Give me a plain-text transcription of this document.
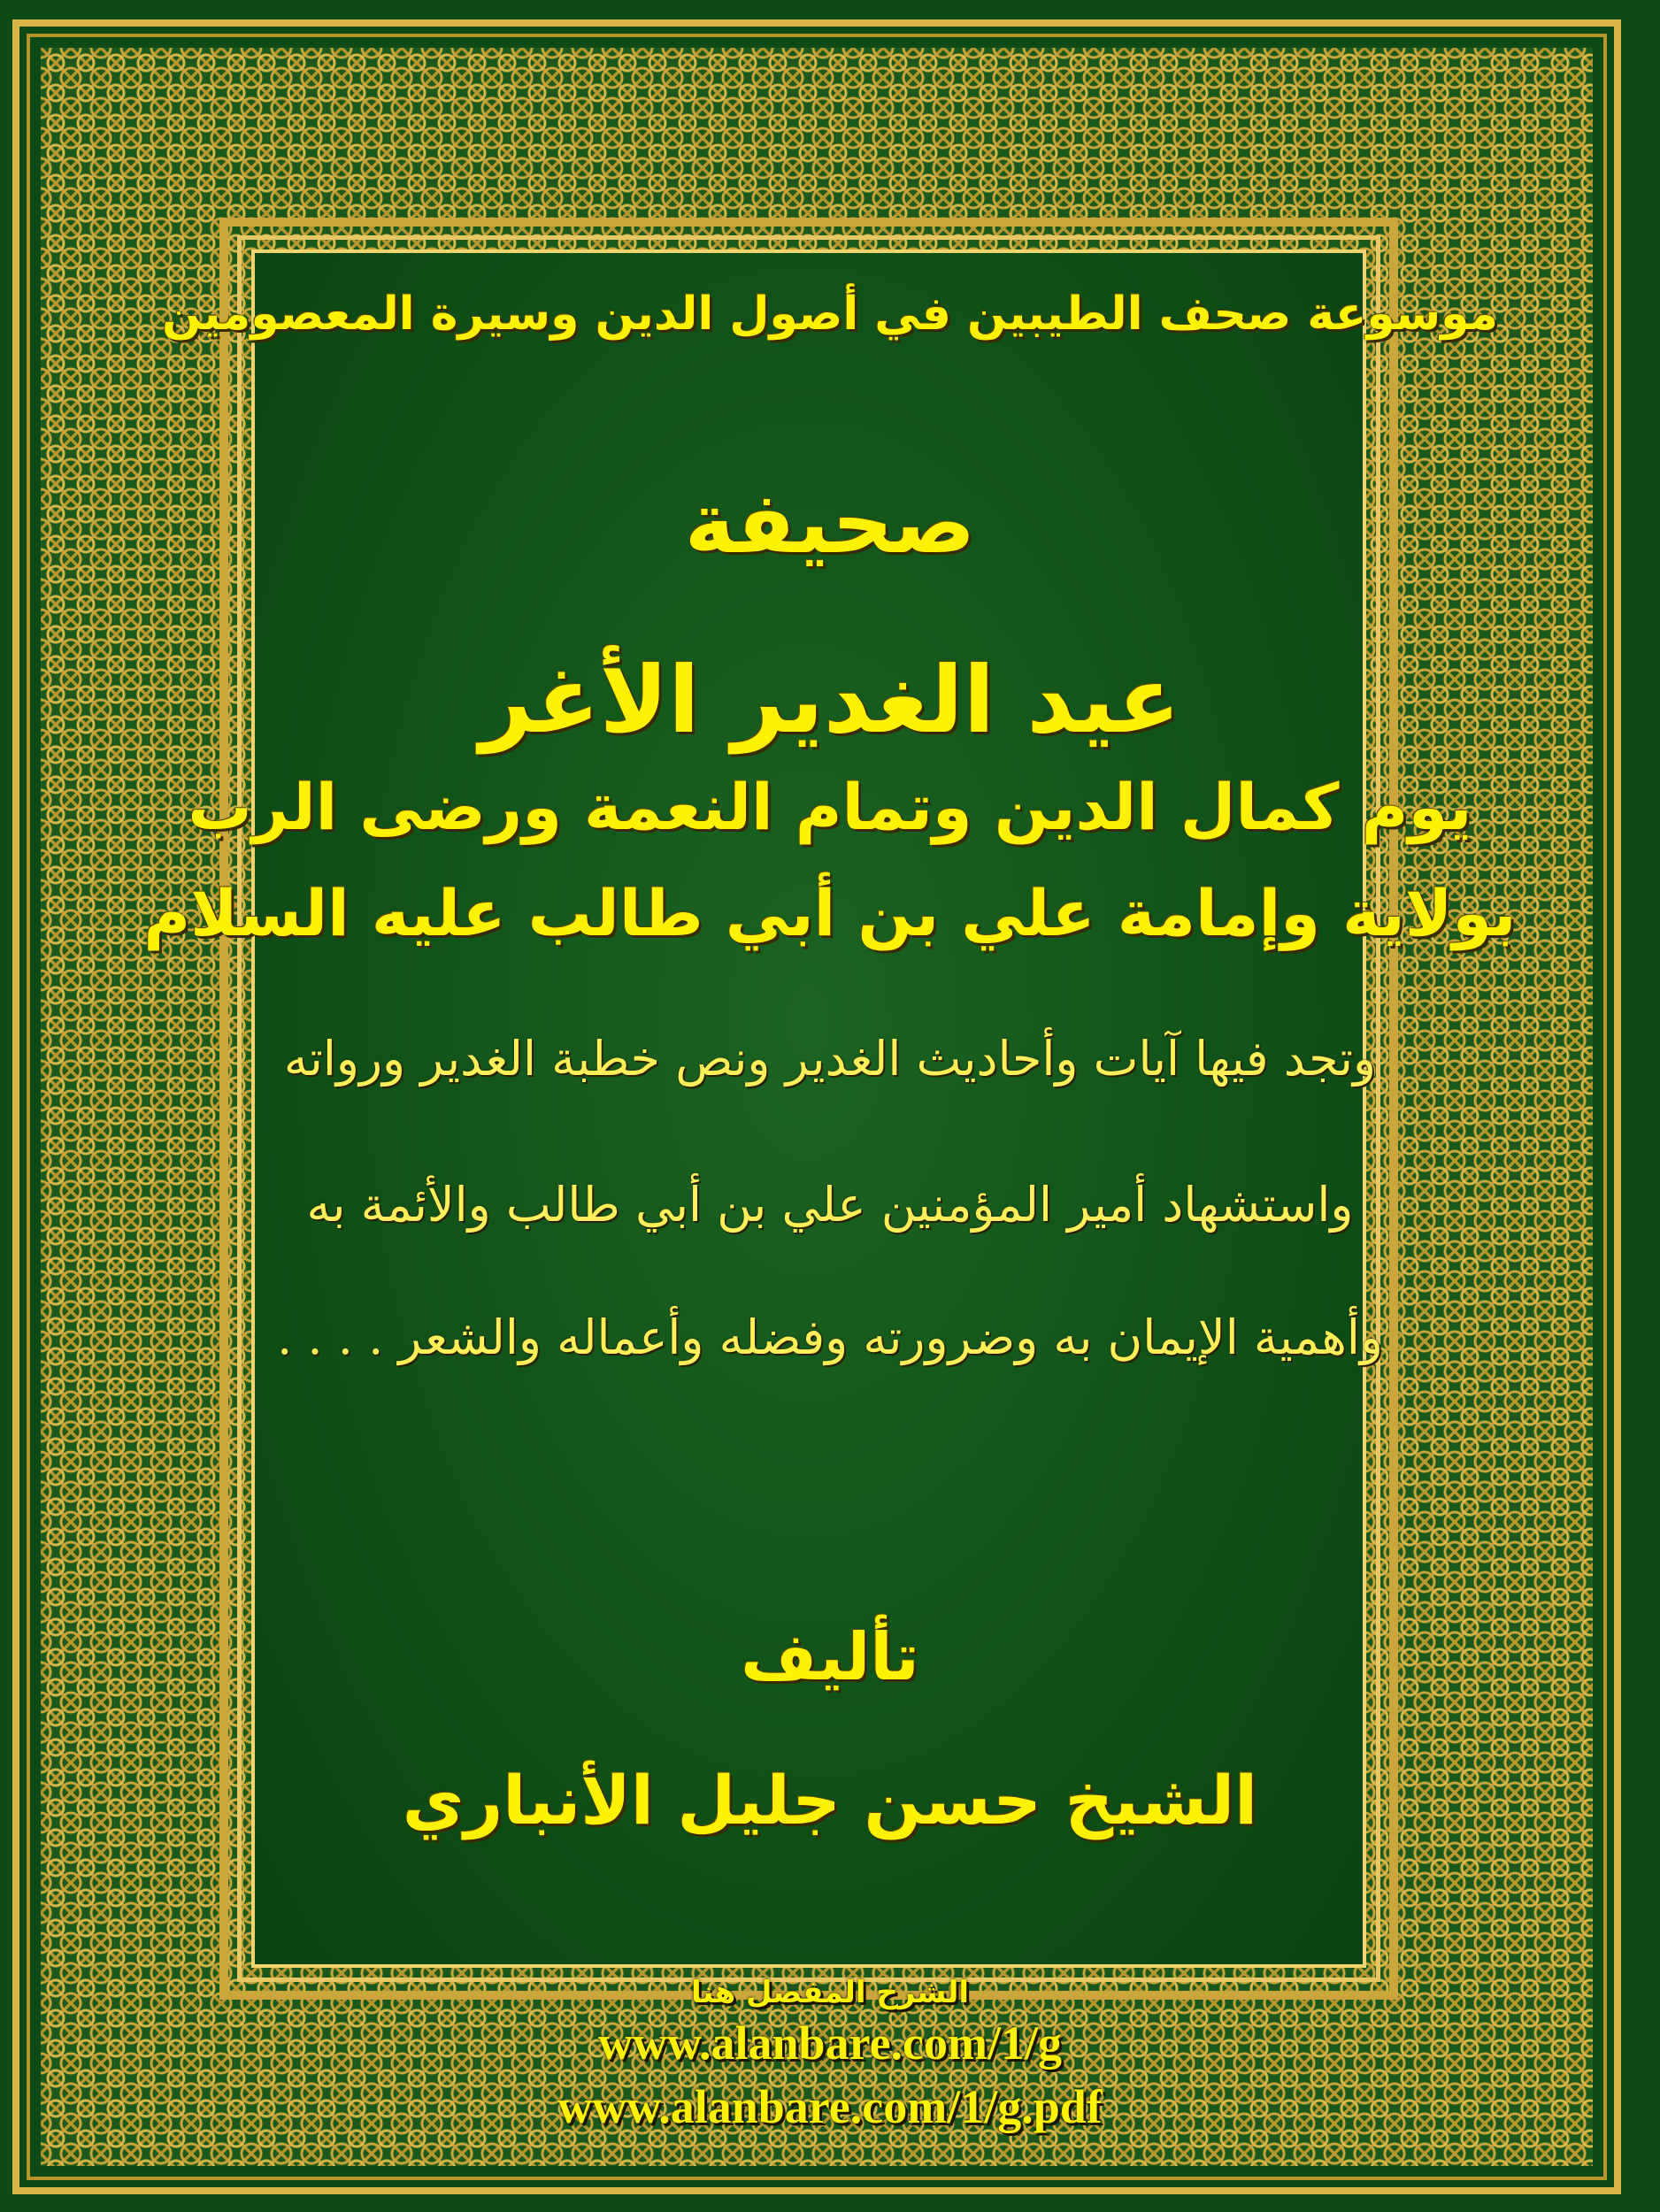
موسوعة صحف الطيبين في أصول الدين وسيرة المعصومين
صحيفة
عيد الغدير الأغر
يوم كمال الدين وتمام النعمة ورضى الرب
بولاية وإمامة علي بن أبي طالب عليه السلام
وتجد فيها آيات وأحاديث الغدير ونص خطبة الغدير ورواته
واستشهاد أمير المؤمنين علي بن أبي طالب والأئمة به
وأهمية الإيمان به وضرورته وفضله وأعماله والشعر . . . .
تأليف
الشيخ حسن جليل الأنباري
الشرح المفصل هنا
www.alanbare.com/1/g
www.alanbare.com/1/g.pdf
